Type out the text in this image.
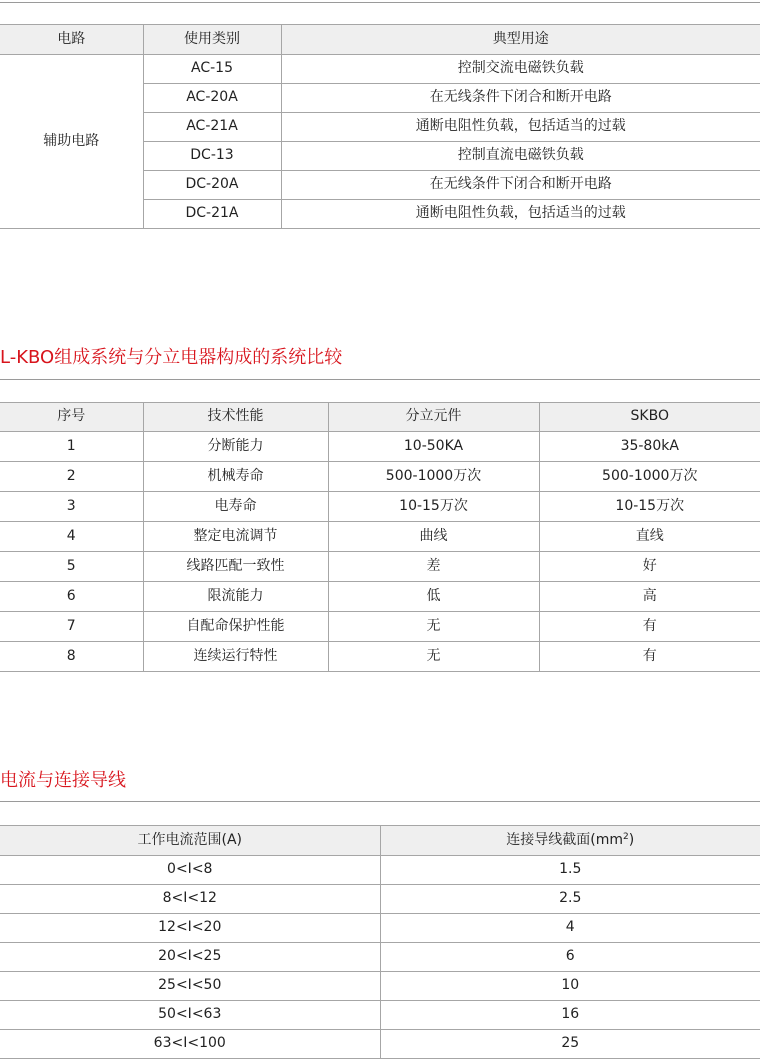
电路	使用类别	典型用途
辅助电路	AC-15	控制交流电磁铁负载
	AC-20A	在无线条件下闭合和断开电路
	AC-21A	通断电阻性负载，包括适当的过载
	DC-13	控制直流电磁铁负载
	DC-20A	在无线条件下闭合和断开电路
	DC-21A	通断电阻性负载，包括适当的过载
L-KBO组成系统与分立电器构成的系统比较
序号	技术性能	分立元件	SKBO
1	分断能力	10-50KA	35-80kA
2	机械寿命	500-1000万次	500-1000万次
3	电寿命	10-15万次	10-15万次
4	整定电流调节	曲线	直线
5	线路匹配一致性	差	好
6	限流能力	低	高
7	自配命保护性能	无	有
8	连续运行特性	无	有
电流与连接导线
工作电流范围(A)	连接导线截面$(mm^2)$
0<I<8	1.5
8<I<12	2.5
12<I<20	4
20<I<25	6
25<I<50	10
50<I<63	16
63<I<100	25
